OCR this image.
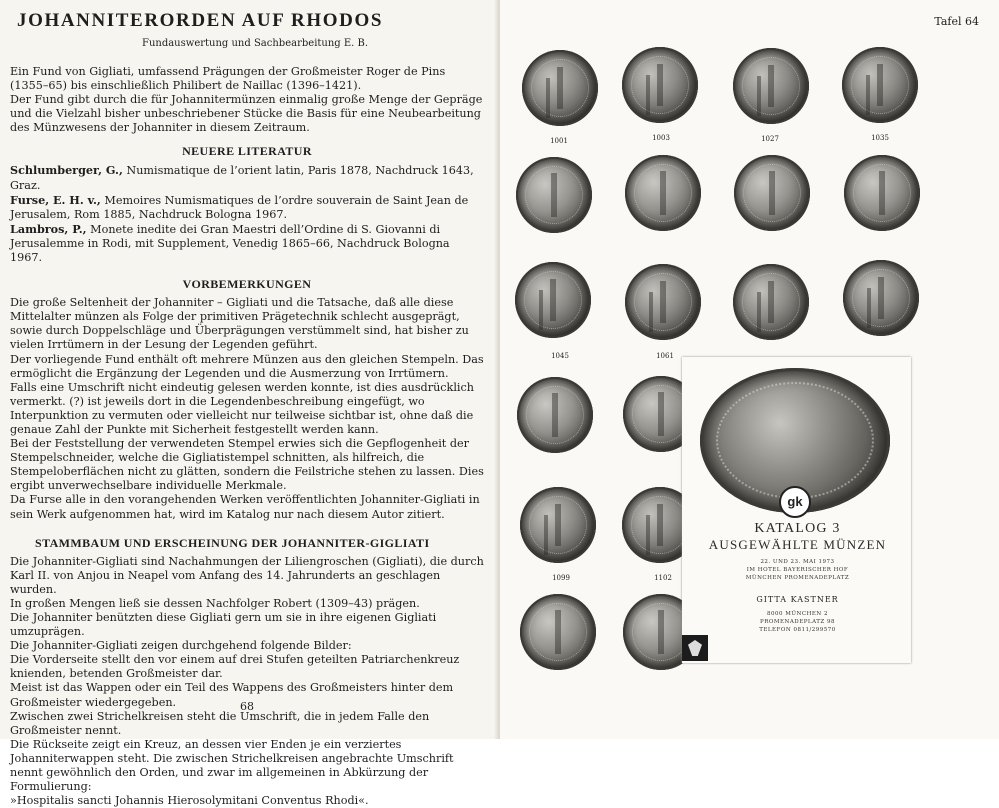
JOHANNITERORDEN AUF RHODOS
Fundauswertung und Sachbearbeitung E. B.

Ein Fund von Gigliati, umfassend Prägungen der Großmeister Roger de Pins (1355–65) bis einschließlich Philibert de Naillac (1396–1421).

Der Fund gibt durch die für Johannitermünzen einmalig große Menge der Gepräge und die Vielzahl bisher unbeschriebener Stücke die Basis für eine Neubearbeitung des Münzwesens der Johanniter in diesem Zeitraum.

NEUERE LITERATUR

Schlumberger, G., Numismatique de l’orient latin, Paris 1878, Nachdruck 1643, Graz.

Furse, E. H. v., Memoires Numismatiques de l’ordre souverain de Saint Jean de Jerusalem, Rom 1885, Nachdruck Bologna 1967.

Lambros, P., Monete inedite dei Gran Maestri dell’Ordine di S. Giovanni di Jerusalemme in Rodi, mit Supplement, Venedig 1865–66, Nachdruck Bologna 1967.

VORBEMERKUNGEN

Die große Seltenheit der Johanniter – Gigliati und die Tatsache, daß alle diese Mittelalter münzen als Folge der primitiven Prägetechnik schlecht ausgeprägt, sowie durch Doppelschläge und Überprägungen verstümmelt sind, hat bisher zu vielen Irrtümern in der Lesung der Legenden geführt.

Der vorliegende Fund enthält oft mehrere Münzen aus den gleichen Stempeln. Das ermöglicht die Ergänzung der Legenden und die Ausmerzung von Irrtümern.

Falls eine Umschrift nicht eindeutig gelesen werden konnte, ist dies ausdrücklich vermerkt. (?) ist jeweils dort in die Legendenbeschreibung eingefügt, wo Interpunktion zu vermuten oder vielleicht nur teilweise sichtbar ist, ohne daß die genaue Zahl der Punkte mit Sicherheit festgestellt werden kann.

Bei der Feststellung der verwendeten Stempel erwies sich die Gepflogenheit der Stempelschneider, welche die Gigliatistempel schnitten, als hilfreich, die Stempeloberflächen nicht zu glätten, sondern die Feilstriche stehen zu lassen. Dies ergibt unverwechselbare individuelle Merkmale.

Da Furse alle in den vorangehenden Werken veröffentlichten Johanniter-Gigliati in sein Werk aufgenommen hat, wird im Katalog nur nach diesem Autor zitiert.

STAMMBAUM UND ERSCHEINUNG DER JOHANNITER-GIGLIATI

Die Johanniter-Gigliati sind Nachahmungen der Liliengroschen (Gigliati), die durch Karl II. von Anjou in Neapel vom Anfang des 14. Jahrunderts an geschlagen wurden.

In großen Mengen ließ sie dessen Nachfolger Robert (1309–43) prägen.

Die Johanniter benützten diese Gigliati gern um sie in ihre eigenen Gigliati umzuprägen.

Die Johanniter-Gigliati zeigen durchgehend folgende Bilder:

Die Vorderseite stellt den vor einem auf drei Stufen geteilten Patriarchenkreuz knienden, betenden Großmeister dar.

Meist ist das Wappen oder ein Teil des Wappens des Großmeisters hinter dem Großmeister wiedergegeben.

Zwischen zwei Strichelkreisen steht die Umschrift, die in jedem Falle den Großmeister nennt.

Die Rückseite zeigt ein Kreuz, an dessen vier Enden je ein verziertes Johanniterwappen steht. Die zwischen Strichelkreisen angebrachte Umschrift nennt gewöhnlich den Orden, und zwar im allgemeinen in Abkürzung der Formulierung:

»Hospitalis sancti Johannis Hierosolymitani Conventus Rhodi«.

68
Tafel 64
1001	1003	1027	1035
1045	1061
1099	1102
gk
KATALOG 3
AUSGEWÄHLTE MÜNZEN
22. UND 23. MAI 1973
IM HOTEL BAYERISCHER HOF
MÜNCHEN PROMENADEPLATZ
GITTA KASTNER
8000 MÜNCHEN 2
PROMENADEPLATZ 98
TELEFON 0811/299570
